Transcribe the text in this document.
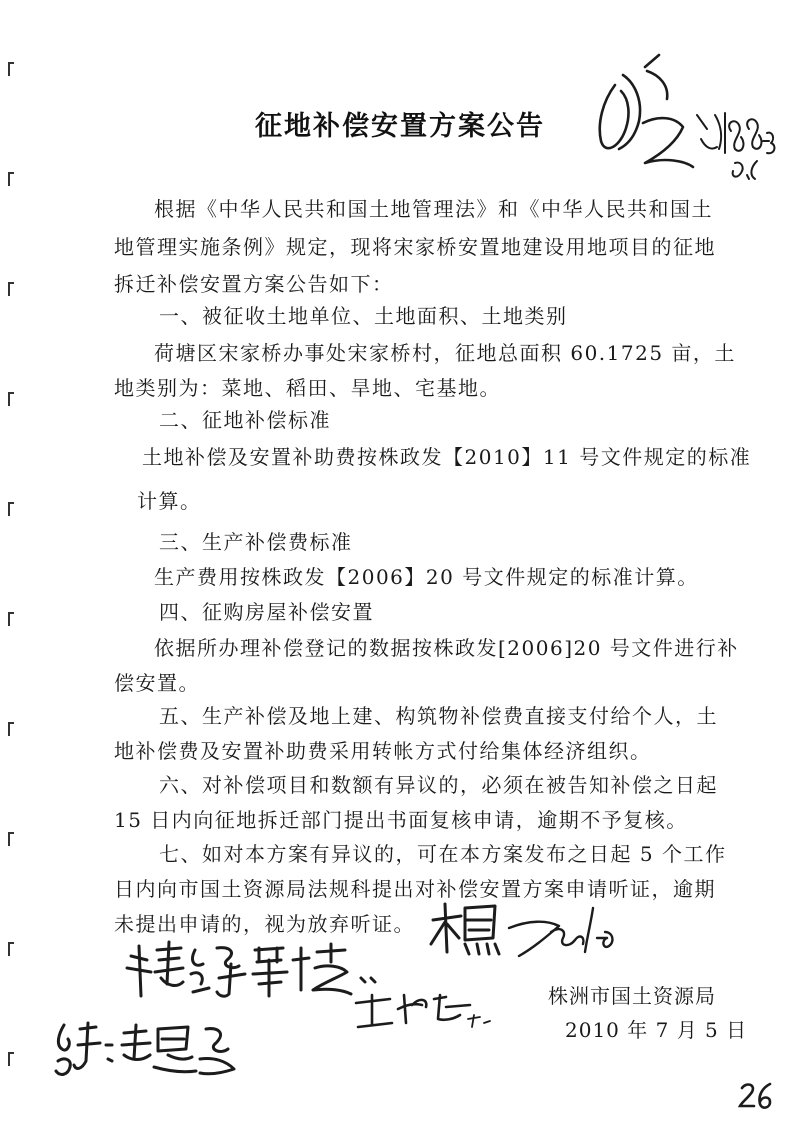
征地补偿安置方案公告
根据《中华人民共和国土地管理法》和《中华人民共和国土
地管理实施条例》规定，现将宋家桥安置地建设用地项目的征地
拆迁补偿安置方案公告如下：
一、被征收土地单位、土地面积、土地类别
荷塘区宋家桥办事处宋家桥村，征地总面积 60.1725 亩，土
地类别为：菜地、稻田、旱地、宅基地。
二、征地补偿标准
土地补偿及安置补助费按株政发【2010】11 号文件规定的标准
计算。
三、生产补偿费标准
生产费用按株政发【2006】20 号文件规定的标准计算。
四、征购房屋补偿安置
依据所办理补偿登记的数据按株政发[2006]20 号文件进行补
偿安置。
五、生产补偿及地上建、构筑物补偿费直接支付给个人，土
地补偿费及安置补助费采用转帐方式付给集体经济组织。
六、对补偿项目和数额有异议的，必须在被告知补偿之日起
15 日内向征地拆迁部门提出书面复核申请，逾期不予复核。
七、如对本方案有异议的，可在本方案发布之日起 5 个工作
日内向市国土资源局法规科提出对补偿安置方案申请听证，逾期
未提出申请的，视为放弃听证。
株洲市国土资源局
2010 年 7 月 5 日
